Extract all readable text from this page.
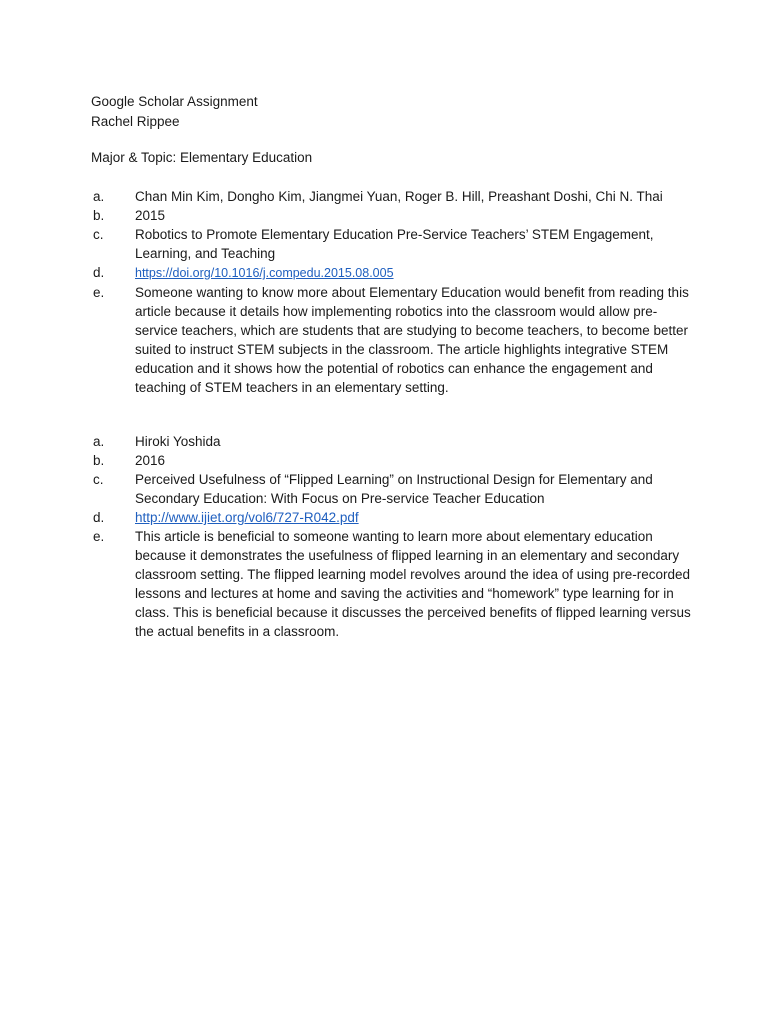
Google Scholar Assignment
Rachel Rippee
Major & Topic: Elementary Education
a.	Chan Min Kim, Dongho Kim, Jiangmei Yuan, Roger B. Hill, Preashant Doshi, Chi N. Thai
b.	2015
c.	Robotics to Promote Elementary Education Pre-Service Teachers’ STEM Engagement, Learning, and Teaching
d.	https://doi.org/10.1016/j.compedu.2015.08.005
e.	Someone wanting to know more about Elementary Education would benefit from reading this article because it details how implementing robotics into the classroom would allow pre-service teachers, which are students that are studying to become teachers, to become better suited to instruct STEM subjects in the classroom. The article highlights integrative STEM education and it shows how the potential of robotics can enhance the engagement and teaching of STEM teachers in an elementary setting.
a.	Hiroki Yoshida
b.	2016
c.	Perceived Usefulness of “Flipped Learning” on Instructional Design for Elementary and Secondary Education: With Focus on Pre-service Teacher Education
d.	http://www.ijiet.org/vol6/727-R042.pdf
e.	This article is beneficial to someone wanting to learn more about elementary education because it demonstrates the usefulness of flipped learning in an elementary and secondary classroom setting. The flipped learning model revolves around the idea of using pre-recorded lessons and lectures at home and saving the activities and “homework” type learning for in class. This is beneficial because it discusses the perceived benefits of flipped learning versus the actual benefits in a classroom.
